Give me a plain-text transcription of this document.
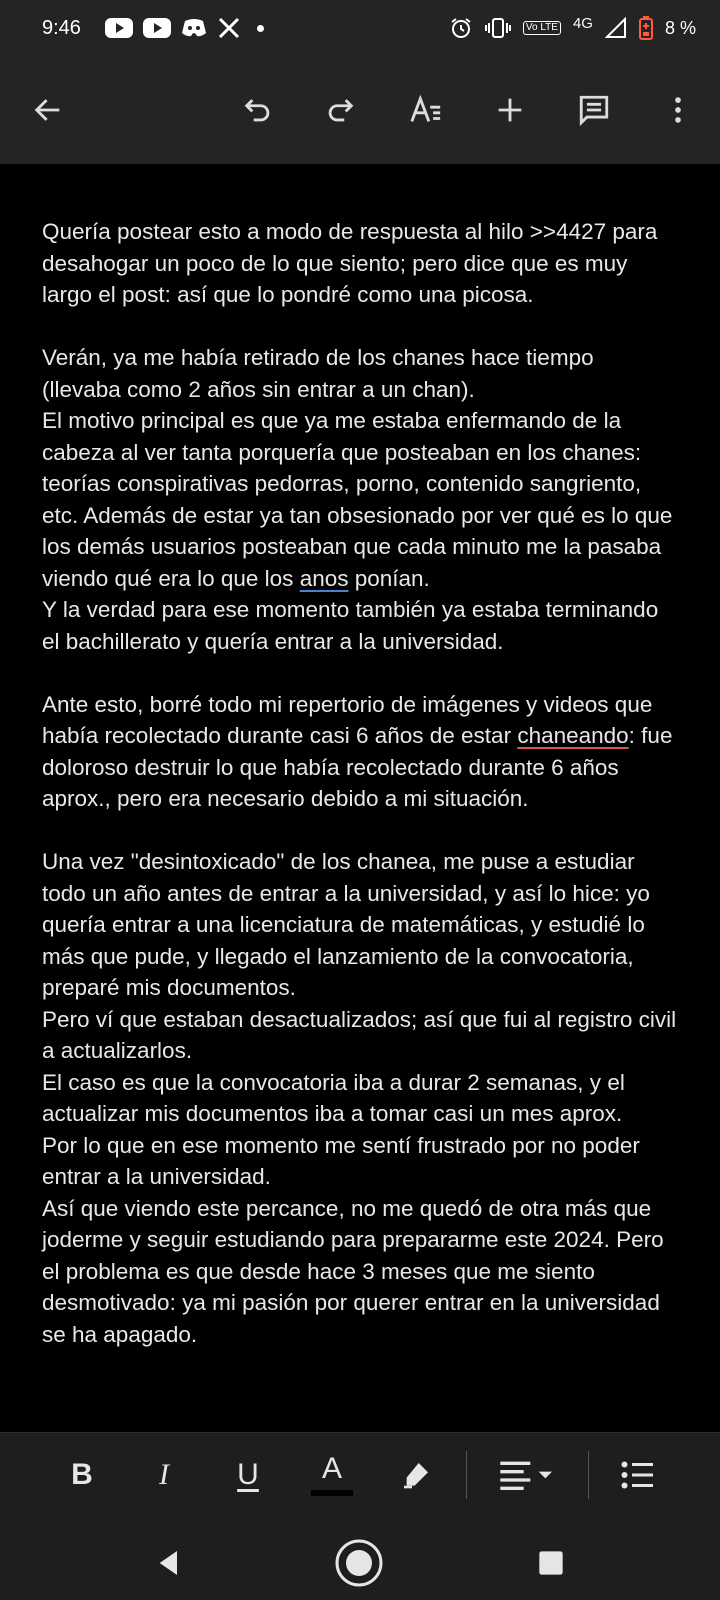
9:46	Vo LTE 4G	8 %

Quería postear esto a modo de respuesta al hilo >>4427 para desahogar un poco de lo que siento; pero dice que es muy largo el post: así que lo pondré como una picosa.

Verán, ya me había retirado de los chanes hace tiempo (llevaba como 2 años sin entrar a un chan).

El motivo principal es que ya me estaba enfermando de la cabeza al ver tanta porquería que posteaban en los chanes: teorías conspirativas pedorras, porno, contenido sangriento, etc. Además de estar ya tan obsesionado por ver qué es lo que los demás usuarios posteaban que cada minuto me la pasaba viendo qué era lo que los anos ponían.

Y la verdad para ese momento también ya estaba terminando el bachillerato y quería entrar a la universidad.

Ante esto, borré todo mi repertorio de imágenes y videos que había recolectado durante casi 6 años de estar chaneando: fue doloroso destruir lo que había recolectado durante 6 años aprox., pero era necesario debido a mi situación.

Una vez "desintoxicado" de los chanea, me puse a estudiar todo un año antes de entrar a la universidad, y así lo hice: yo quería entrar a una licenciatura de matemáticas, y estudié lo más que pude, y llegado el lanzamiento de la convocatoria, preparé mis documentos.

Pero ví que estaban desactualizados; así que fui al registro civil a actualizarlos.

El caso es que la convocatoria iba a durar 2 semanas, y el actualizar mis documentos iba a tomar casi un mes aprox.

Por lo que en ese momento me sentí frustrado por no poder entrar a la universidad.

Así que viendo este percance, no me quedó de otra más que joderme y seguir estudiando para prepararme este 2024. Pero el problema es que desde hace 3 meses que me siento desmotivado: ya mi pasión por querer entrar en la universidad se ha apagado.

B	I	U	A
